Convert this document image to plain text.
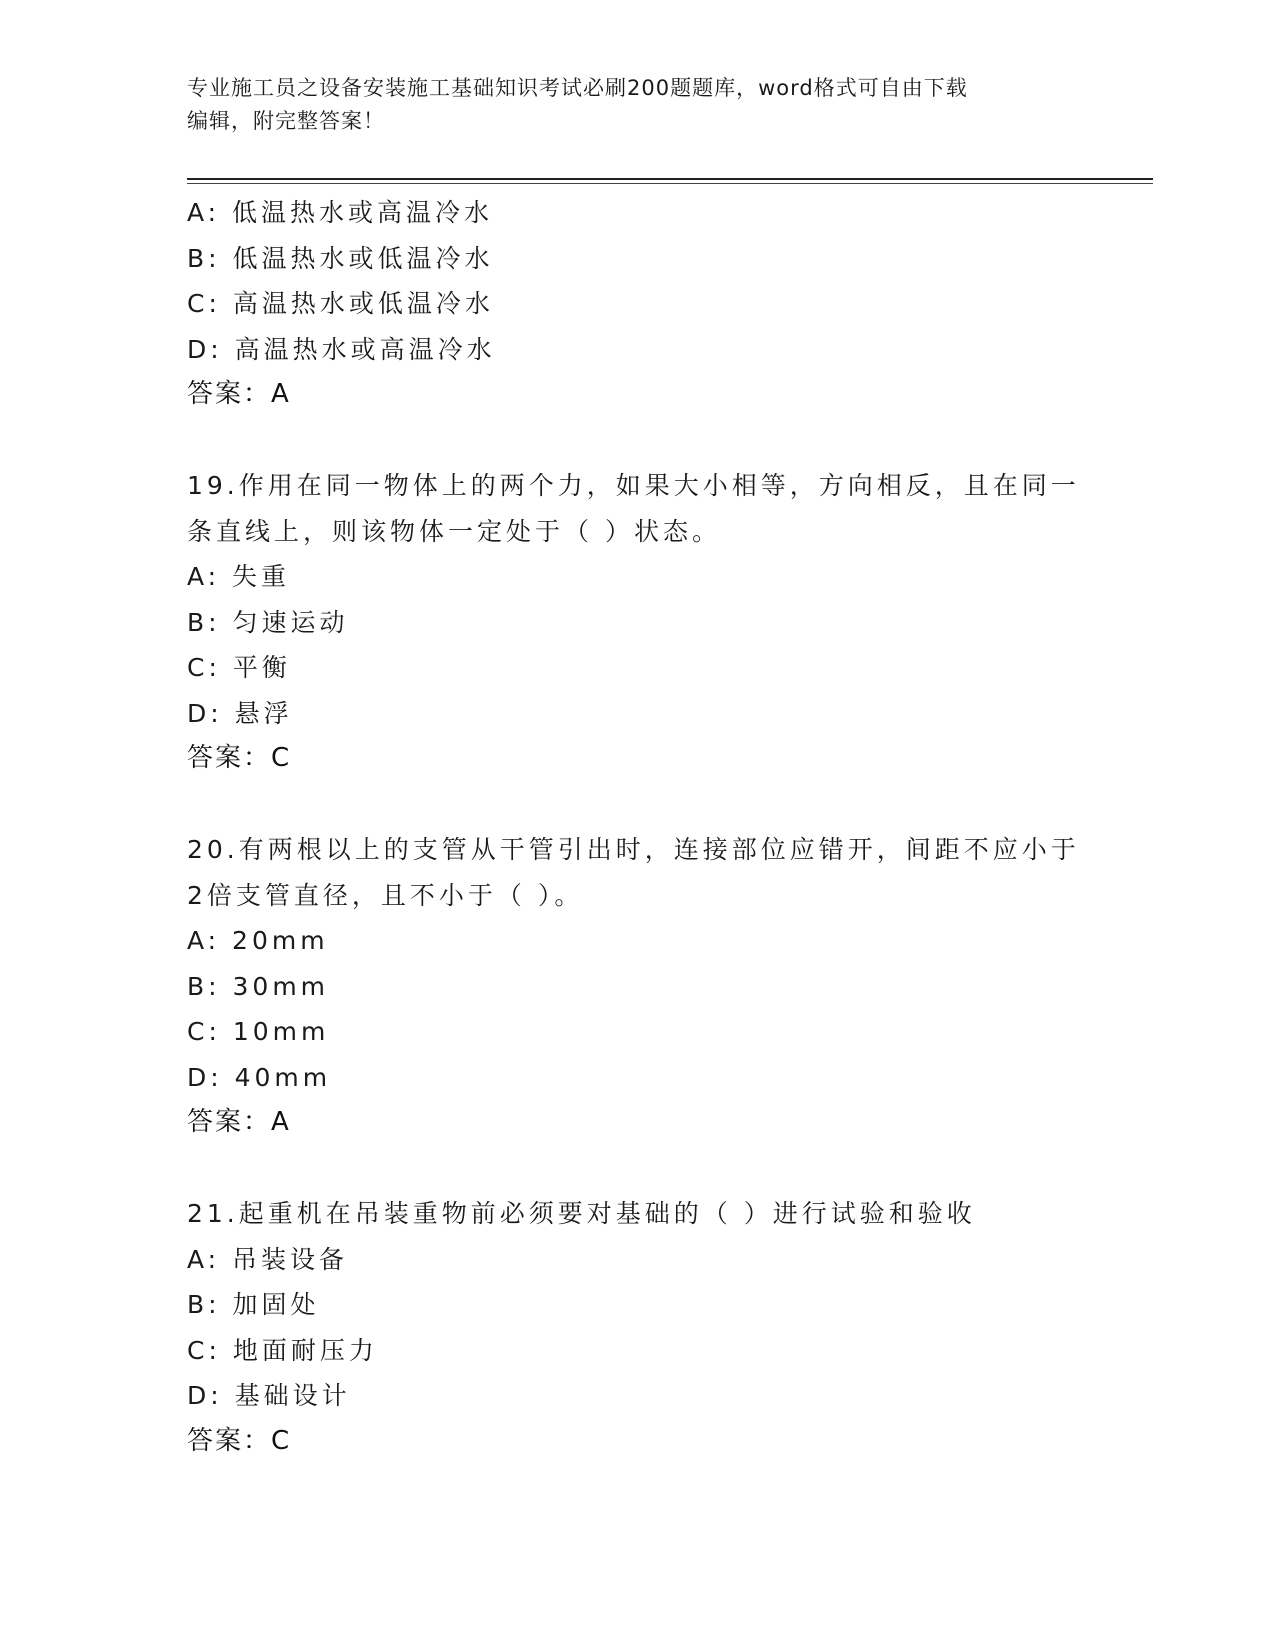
专业施工员之设备安装施工基础知识考试必刷200题题库，word格式可自由下载
编辑，附完整答案！
A: 低温热水或高温冷水
B: 低温热水或低温冷水
C: 高温热水或低温冷水
D: 高温热水或高温冷水
答案：A
19.作用在同一物体上的两个力，如果大小相等，方向相反，且在同一
条直线上，则该物体一定处于（ ）状态。
A: 失重
B: 匀速运动
C: 平衡
D: 悬浮
答案：C
20.有两根以上的支管从干管引出时，连接部位应错开，间距不应小于
2倍支管直径，且不小于（ ）。
A: 20mm
B: 30mm
C: 10mm
D: 40mm
答案：A
21.起重机在吊装重物前必须要对基础的（ ）进行试验和验收
A: 吊装设备
B: 加固处
C: 地面耐压力
D: 基础设计
答案：C
